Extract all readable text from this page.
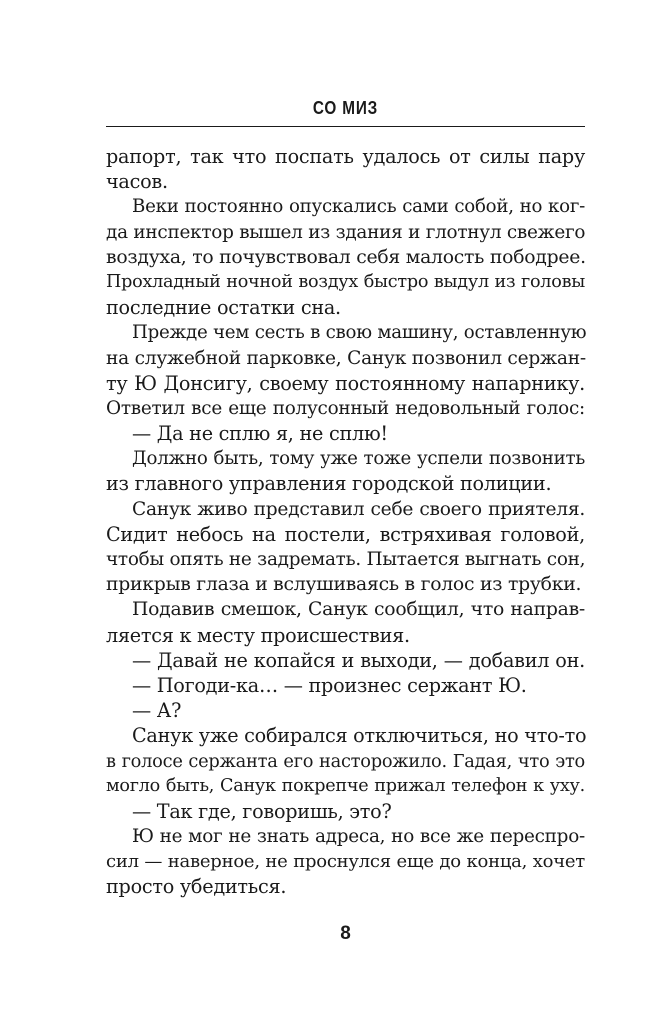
СО МИЗ
рапорт, так что поспать удалось от силы пару
часов.
Веки постоянно опускались сами собой, но ког-
да инспектор вышел из здания и глотнул свежего
воздуха, то почувствовал себя малость пободрее.
Прохладный ночной воздух быстро выдул из головы
последние остатки сна.
Прежде чем сесть в свою машину, оставленную
на служебной парковке, Санук позвонил сержан-
ту Ю Донсигу, своему постоянному напарнику.
Ответил все еще полусонный недовольный голос:
— Да не сплю я, не сплю!
Должно быть, тому уже тоже успели позвонить
из главного управления городской полиции.
Санук живо представил себе своего приятеля.
Сидит небось на постели, встряхивая головой,
чтобы опять не задремать. Пытается выгнать сон,
прикрыв глаза и вслушиваясь в голос из трубки.
Подавив смешок, Санук сообщил, что направ-
ляется к месту происшествия.
— Давай не копайся и выходи, — добавил он.
— Погоди-ка… — произнес сержант Ю.
— А?
Санук уже собирался отключиться, но что-то
в голосе сержанта его насторожило. Гадая, что это
могло быть, Санук покрепче прижал телефон к уху.
— Так где, говоришь, это?
Ю не мог не знать адреса, но все же переспро-
сил — наверное, не проснулся еще до конца, хочет
просто убедиться.
8
